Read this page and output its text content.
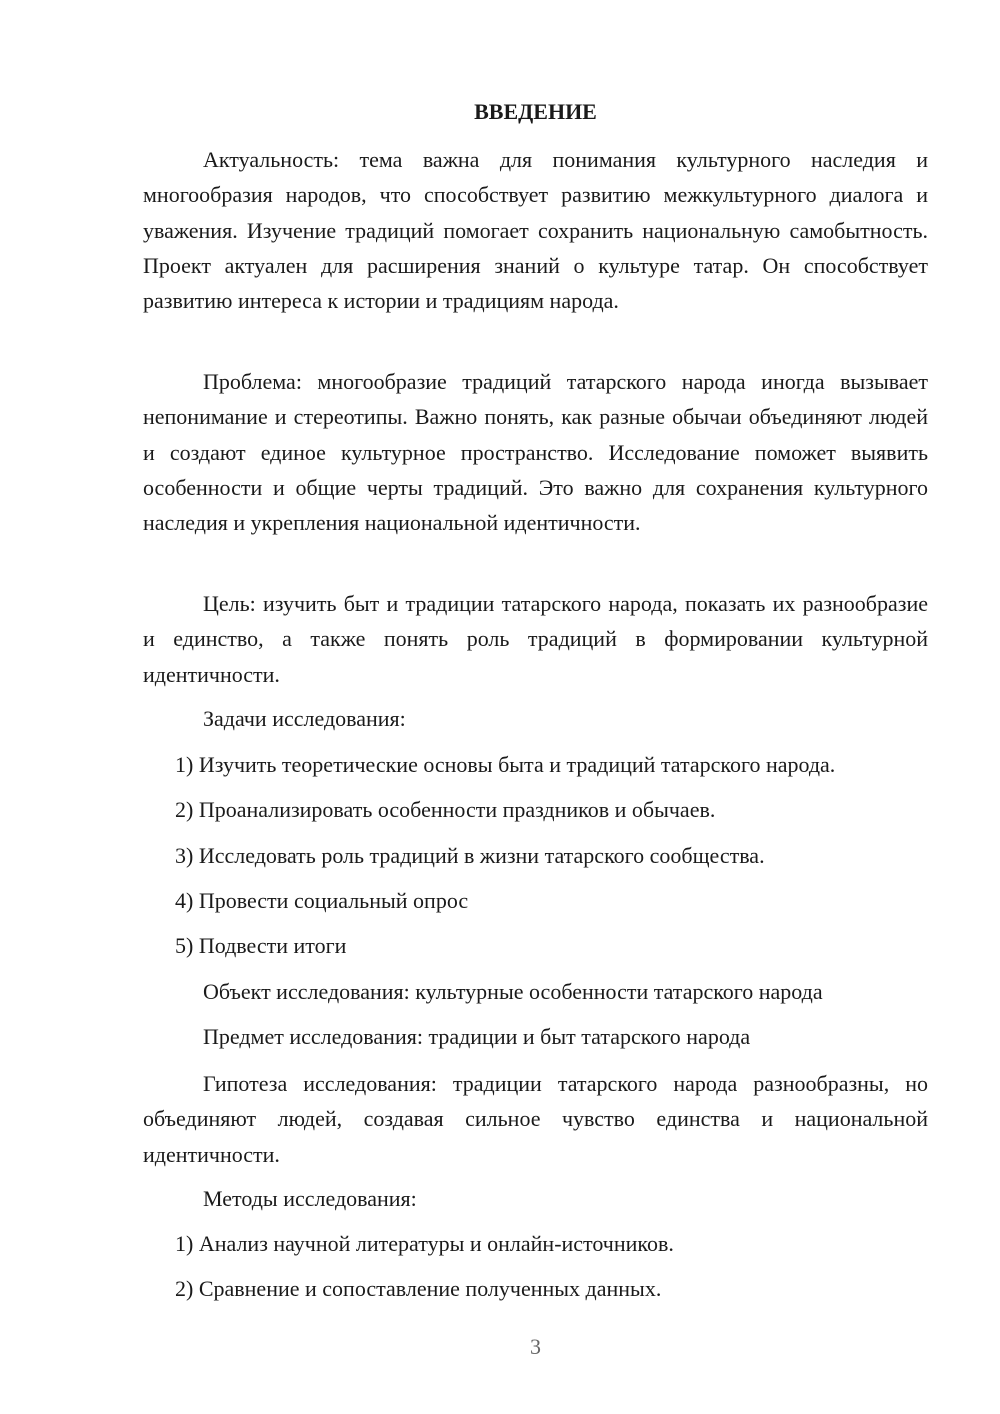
ВВЕДЕНИЕ

Актуальность: тема важна для понимания культурного наследия и многообразия народов, что способствует развитию межкультурного диалога и уважения. Изучение традиций помогает сохранить национальную самобытность. Проект актуален для расширения знаний о культуре татар. Он способствует развитию интереса к истории и традициям народа.

Проблема: многообразие традиций татарского народа иногда вызывает непонимание и стереотипы. Важно понять, как разные обычаи объединяют людей и создают единое культурное пространство. Исследование поможет выявить особенности и общие черты традиций. Это важно для сохранения культурного наследия и укрепления национальной идентичности.

Цель: изучить быт и традиции татарского народа, показать их разнообразие и единство, а также понять роль традиций в формировании культурной идентичности.

Задачи исследования:

1) Изучить теоретические основы быта и традиций татарского народа.

2) Проанализировать особенности праздников и обычаев.

3) Исследовать роль традиций в жизни татарского сообщества.

4) Провести социальный опрос

5) Подвести итоги

Объект исследования: культурные особенности татарского народа

Предмет исследования: традиции и быт татарского народа

Гипотеза исследования: традиции татарского народа разнообразны, но объединяют людей, создавая сильное чувство единства и национальной идентичности.

Методы исследования:

1) Анализ научной литературы и онлайн-источников.

2) Сравнение и сопоставление полученных данных.

3
